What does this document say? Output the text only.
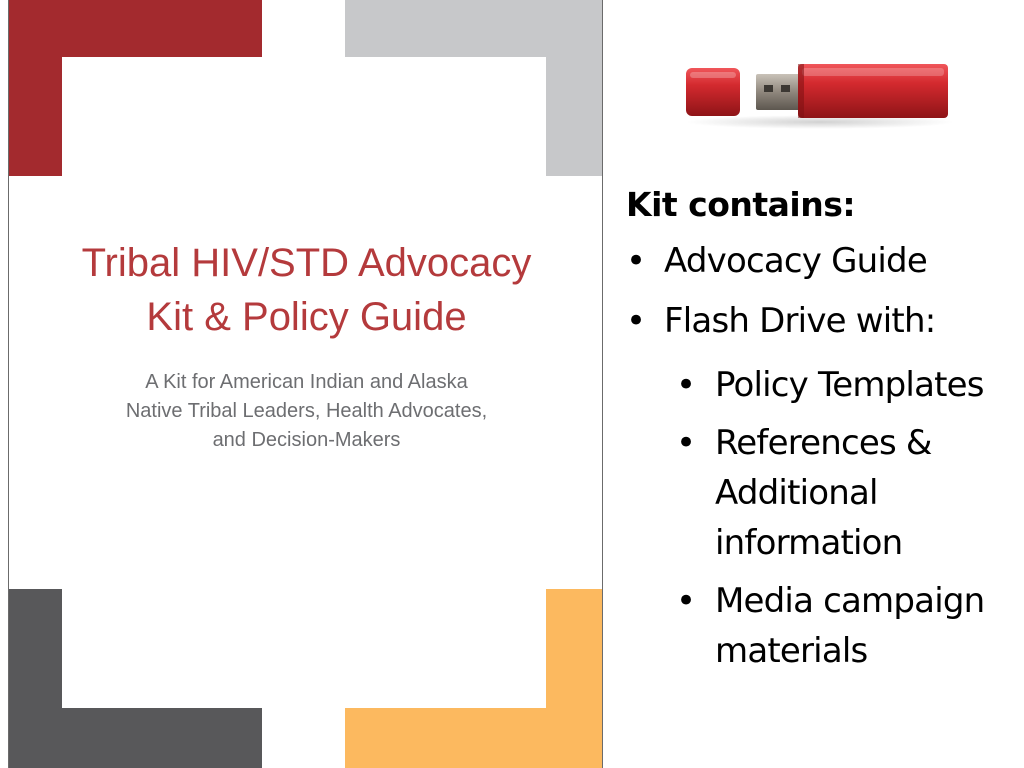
Tribal HIV/STD Advocacy
Kit & Policy Guide

A Kit for American Indian and Alaska
Native Tribal Leaders, Health Advocates,
and Decision-Makers

Kit contains:
• Advocacy Guide
• Flash Drive with:
• Policy Templates
• References &
Additional
information
• Media campaign
materials
